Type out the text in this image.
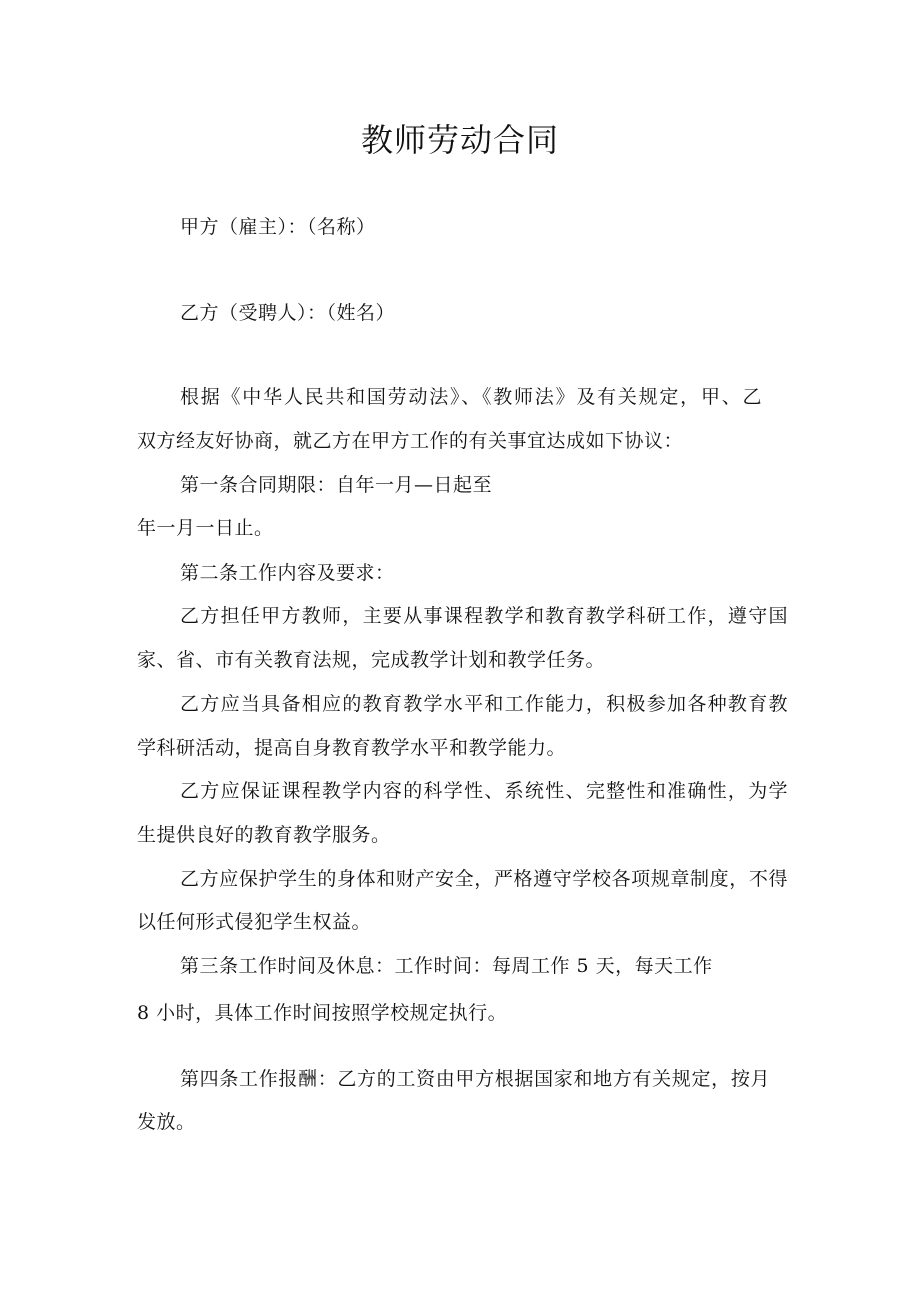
教师劳动合同

甲方（雇主）：（名称）

乙方（受聘人）：（姓名）

根据《中华人民共和国劳动法》、《教师法》及有关规定，甲、乙

双方经友好协商，就乙方在甲方工作的有关事宜达成如下协议：

第一条合同期限：自年一月—日起至

年一月一日止。

第二条工作内容及要求：

乙方担任甲方教师，主要从事课程教学和教育教学科研工作，遵守国

家、省、市有关教育法规，完成教学计划和教学任务。

乙方应当具备相应的教育教学水平和工作能力，积极参加各种教育教

学科研活动，提高自身教育教学水平和教学能力。

乙方应保证课程教学内容的科学性、系统性、完整性和准确性，为学

生提供良好的教育教学服务。

乙方应保护学生的身体和财产安全，严格遵守学校各项规章制度，不得

以任何形式侵犯学生权益。

第三条工作时间及休息：工作时间：每周工作 5 天，每天工作

8 小时，具体工作时间按照学校规定执行。

第四条工作报酬：乙方的工资由甲方根据国家和地方有关规定，按月

发放。
